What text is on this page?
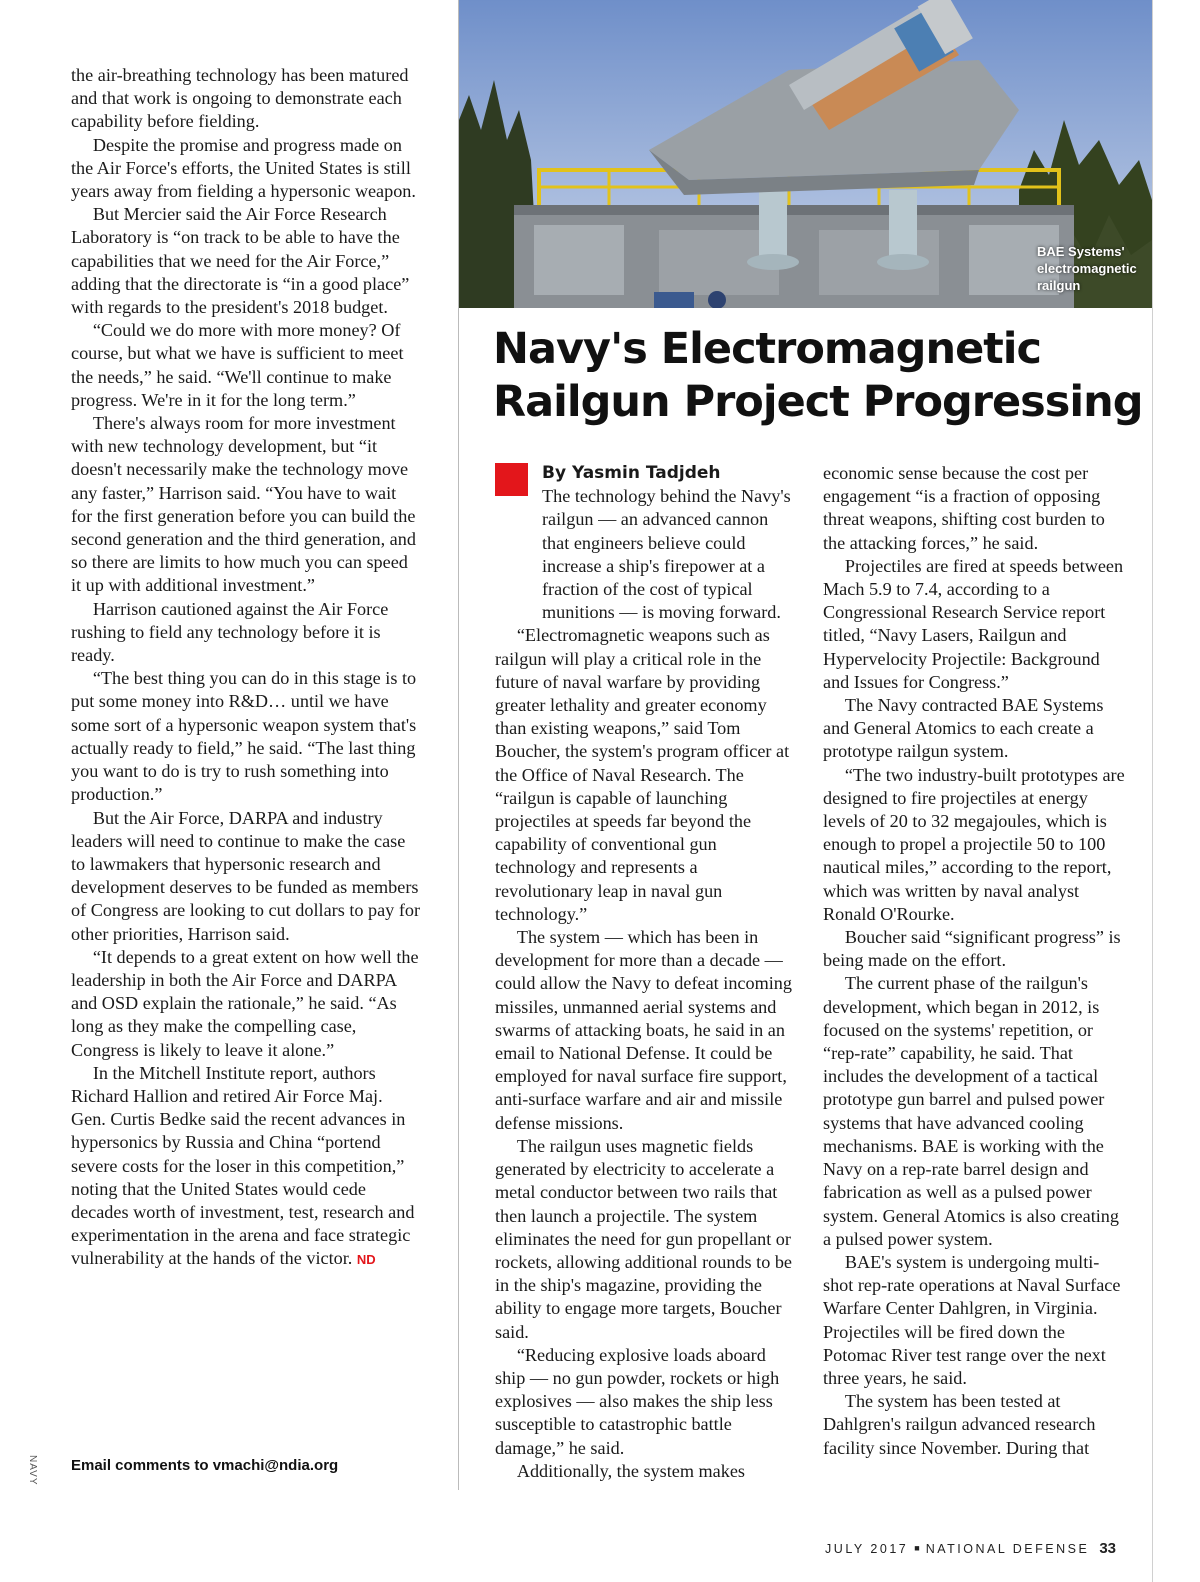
BAE Systems' electromagnetic railgun
Navy's Electromagnetic Railgun Project Progressing

the air-breathing technology has been matured and that work is ongoing to demonstrate each capability before fielding.

Despite the promise and progress made on the Air Force's efforts, the United States is still years away from fielding a hypersonic weapon.

But Mercier said the Air Force Research Laboratory is “on track to be able to have the capabilities that we need for the Air Force,” adding that the directorate is “in a good place” with regards to the president's 2018 budget.

“Could we do more with more money? Of course, but what we have is sufficient to meet the needs,” he said. “We'll continue to make progress. We're in it for the long term.”

There's always room for more investment with new technology development, but “it doesn't necessarily make the technology move any faster,” Harrison said. “You have to wait for the first generation before you can build the second generation and the third generation, and so there are limits to how much you can speed it up with additional investment.”

Harrison cautioned against the Air Force rushing to field any technology before it is ready.

“The best thing you can do in this stage is to put some money into R&D… until we have some sort of a hypersonic weapon system that's actually ready to field,” he said. “The last thing you want to do is try to rush something into production.”

But the Air Force, DARPA and industry leaders will need to continue to make the case to lawmakers that hypersonic research and development deserves to be funded as members of Congress are looking to cut dollars to pay for other priorities, Harrison said.

“It depends to a great extent on how well the leadership in both the Air Force and DARPA and OSD explain the rationale,” he said. “As long as they make the compelling case, Congress is likely to leave it alone.”

In the Mitchell Institute report, authors Richard Hallion and retired Air Force Maj. Gen. Curtis Bedke said the recent advances in hypersonics by Russia and China “portend severe costs for the loser in this competition,” noting that the United States would cede decades worth of investment, test, research and experimentation in the arena and face strategic vulnerability at the hands of the victor. ND

Email comments to vmachi@ndia.org
NAVY
By Yasmin Tadjdeh

The technology behind the Navy's railgun — an advanced cannon that engineers believe could increase a ship's firepower at a fraction of the cost of typical munitions — is moving forward.

“Electromagnetic weapons such as railgun will play a critical role in the future of naval warfare by providing greater lethality and greater economy than existing weapons,” said Tom Boucher, the system's program officer at the Office of Naval Research. The “railgun is capable of launching projectiles at speeds far beyond the capability of conventional gun technology and represents a revolutionary leap in naval gun technology.”

The system — which has been in development for more than a decade — could allow the Navy to defeat incoming missiles, unmanned aerial systems and swarms of attacking boats, he said in an email to National Defense. It could be employed for naval surface fire support, anti-surface warfare and air and missile defense missions.

The railgun uses magnetic fields generated by electricity to accelerate a metal conductor between two rails that then launch a projectile. The system eliminates the need for gun propellant or rockets, allowing additional rounds to be in the ship's magazine, providing the ability to engage more targets, Boucher said.

“Reducing explosive loads aboard ship — no gun powder, rockets or high explosives — also makes the ship less susceptible to catastrophic battle damage,” he said.

Additionally, the system makes

economic sense because the cost per engagement “is a fraction of opposing threat weapons, shifting cost burden to the attacking forces,” he said.

Projectiles are fired at speeds between Mach 5.9 to 7.4, according to a Congressional Research Service report titled, “Navy Lasers, Railgun and Hypervelocity Projectile: Background and Issues for Congress.”

The Navy contracted BAE Systems and General Atomics to each create a prototype railgun system.

“The two industry-built prototypes are designed to fire projectiles at energy levels of 20 to 32 megajoules, which is enough to propel a projectile 50 to 100 nautical miles,” according to the report, which was written by naval analyst Ronald O'Rourke.

Boucher said “significant progress” is being made on the effort.

The current phase of the railgun's development, which began in 2012, is focused on the systems' repetition, or “rep-rate” capability, he said. That includes the development of a tactical prototype gun barrel and pulsed power systems that have advanced cooling mechanisms. BAE is working with the Navy on a rep-rate barrel design and fabrication as well as a pulsed power system. General Atomics is also creating a pulsed power system.

BAE's system is undergoing multi-shot rep-rate operations at Naval Surface Warfare Center Dahlgren, in Virginia. Projectiles will be fired down the Potomac River test range over the next three years, he said.

The system has been tested at Dahlgren's railgun advanced research facility since November. During that

JULY 2017 ■ NATIONAL DEFENSE 33
